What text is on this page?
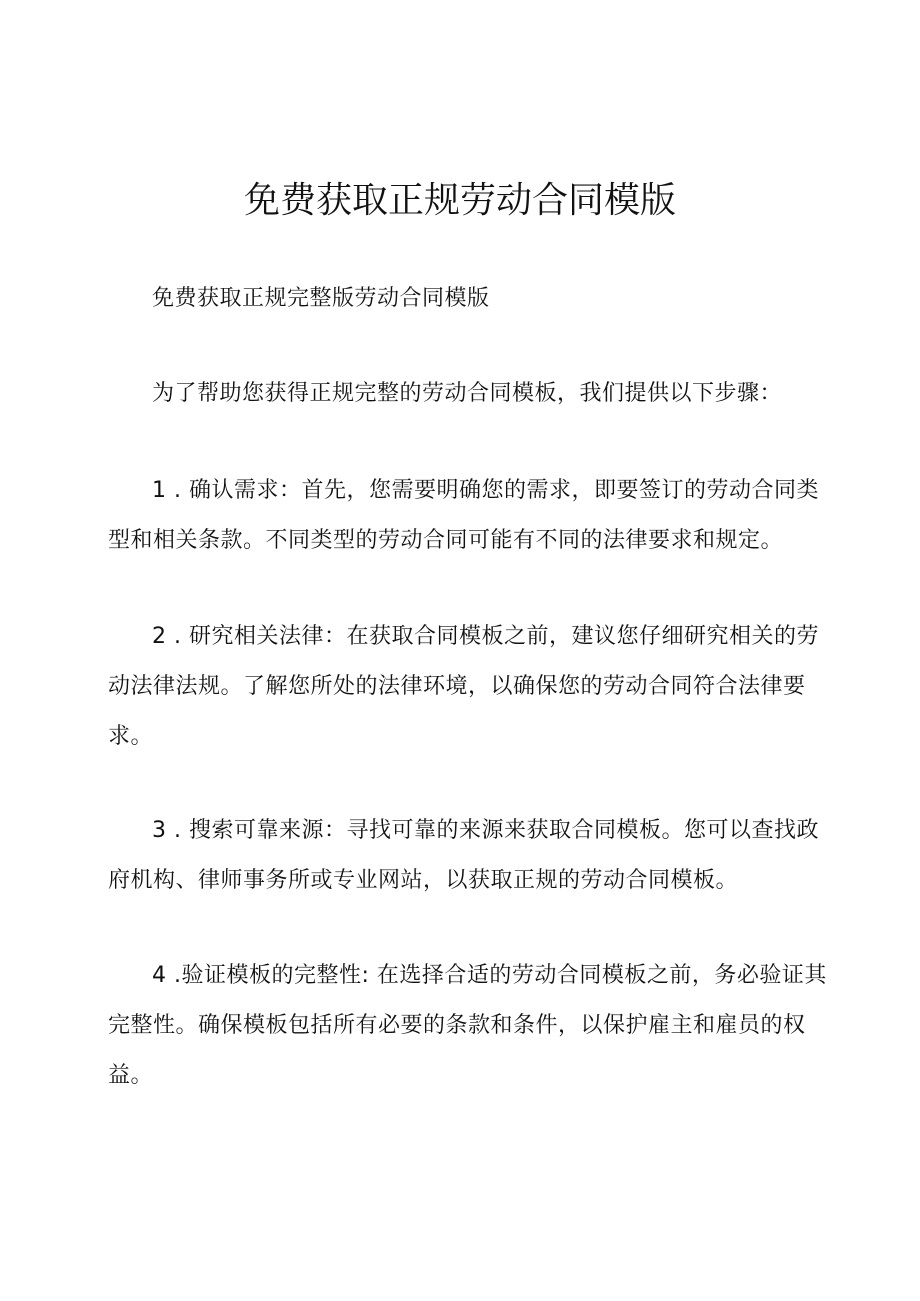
免费获取正规劳动合同模版

免费获取正规完整版劳动合同模版

为了帮助您获得正规完整的劳动合同模板，我们提供以下步骤：

1 . 确认需求：首先，您需要明确您的需求，即要签订的劳动合同类型和相关条款。不同类型的劳动合同可能有不同的法律要求和规定。

2 . 研究相关法律：在获取合同模板之前，建议您仔细研究相关的劳动法律法规。了解您所处的法律环境，以确保您的劳动合同符合法律要求。

3 . 搜索可靠来源：寻找可靠的来源来获取合同模板。您可以查找政府机构、律师事务所或专业网站，以获取正规的劳动合同模板。

4 .验证模板的完整性: 在选择合适的劳动合同模板之前，务必验证其完整性。确保模板包括所有必要的条款和条件，以保护雇主和雇员的权益。
